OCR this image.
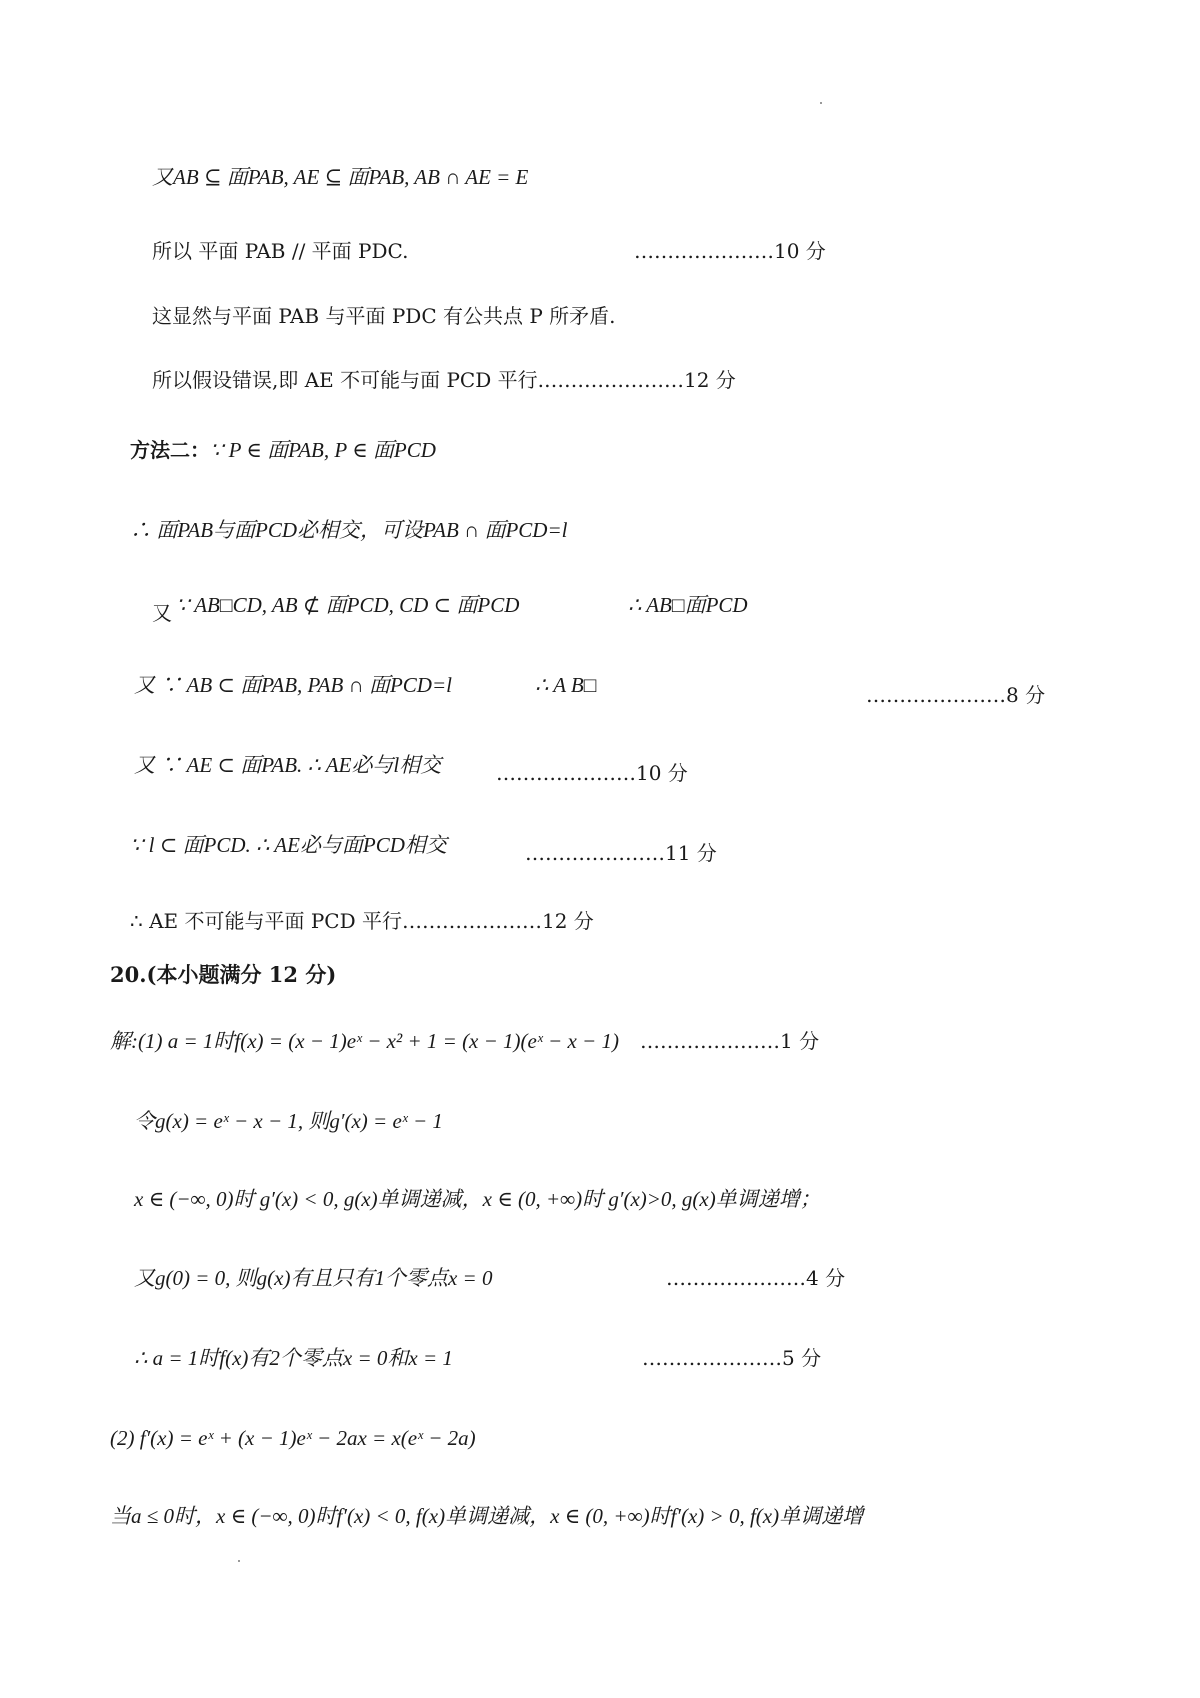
又AB ⊆ 面PAB, AE ⊆ 面PAB, AB ∩ AE = E
所以 平面 PAB // 平面 PDC.	…………………10 分
这显然与平面 PAB 与平面 PDC 有公共点 P 所矛盾.
所以假设错误,即 AE 不可能与面 PCD 平行.…………………12 分
方法二：∵ P ∈ 面PAB, P ∈ 面PCD
∴ 面PAB与面PCD必相交，可设PAB ∩ 面PCD=l
又 ∵ AB□CD, AB ⊄ 面PCD, CD ⊂ 面PCD	∴ AB□面PCD
又 ∵ AB ⊂ 面PAB, PAB ∩ 面PCD=l	∴ A B□	…………………8 分
又 ∵ AE ⊂ 面PAB. ∴ AE必与l相交	…………………10 分
∵ l ⊂ 面PCD. ∴ AE必与面PCD相交	…………………11 分
∴ AE 不可能与平面 PCD 平行…………………12 分
20.(本小题满分 12 分)
解:(1) a = 1时f(x) = (x − 1)eˣ − x² + 1 = (x − 1)(eˣ − x − 1) …………………1 分
令g(x) = eˣ − x − 1, 则g′(x) = eˣ − 1
x ∈ (−∞, 0)时 g′(x) < 0, g(x)单调递减，x ∈ (0, +∞)时 g′(x)>0, g(x)单调递增；
又g(0) = 0, 则g(x)有且只有1个零点x = 0	…………………4 分
∴ a = 1时f(x)有2个零点x = 0和x = 1	…………………5 分
(2) f′(x) = eˣ + (x − 1)eˣ − 2ax = x(eˣ − 2a)
当a ≤ 0时，x ∈ (−∞, 0)时f′(x) < 0, f(x)单调递减，x ∈ (0, +∞)时f′(x) > 0, f(x)单调递增
